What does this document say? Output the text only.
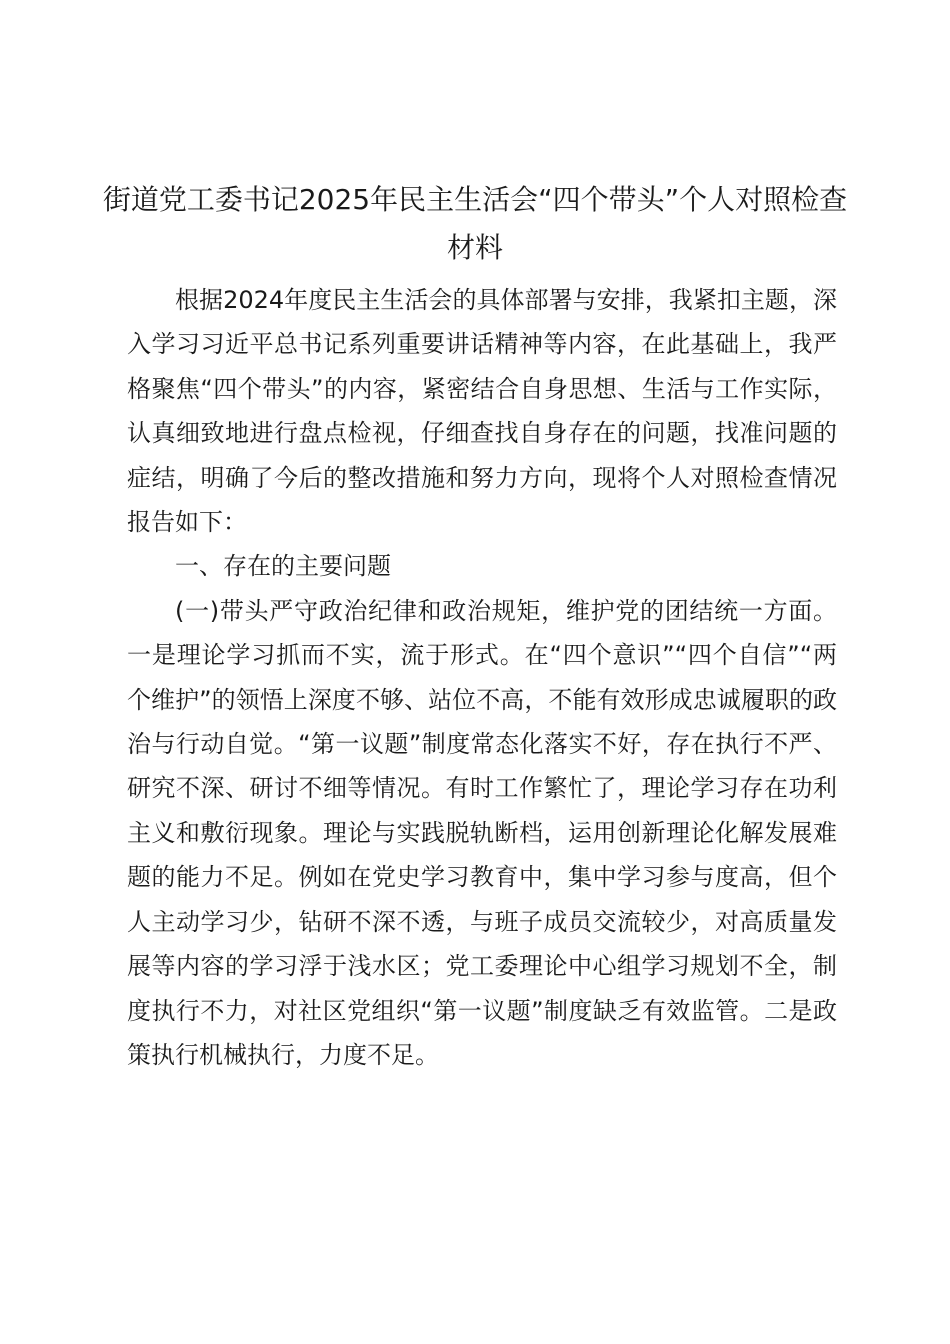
街道党工委书记2025年民主生活会“四个带头”个人对照检查材料

根据2024年度民主生活会的具体部署与安排，我紧扣主题，深入学习习近平总书记系列重要讲话精神等内容，在此基础上，我严格聚焦“四个带头”的内容，紧密结合自身思想、生活与工作实际，认真细致地进行盘点检视，仔细查找自身存在的问题，找准问题的症结，明确了今后的整改措施和努力方向，现将个人对照检查情况报告如下：

一、存在的主要问题

(一)带头严守政治纪律和政治规矩，维护党的团结统一方面。一是理论学习抓而不实，流于形式。在“四个意识”“四个自信”“两个维护”的领悟上深度不够、站位不高，不能有效形成忠诚履职的政治与行动自觉。“第一议题”制度常态化落实不好，存在执行不严、研究不深、研讨不细等情况。有时工作繁忙了，理论学习存在功利主义和敷衍现象。理论与实践脱轨断档，运用创新理论化解发展难题的能力不足。例如在党史学习教育中，集中学习参与度高，但个人主动学习少，钻研不深不透，与班子成员交流较少，对高质量发展等内容的学习浮于浅水区；党工委理论中心组学习规划不全，制度执行不力，对社区党组织“第一议题”制度缺乏有效监管。二是政策执行机械执行，力度不足。
